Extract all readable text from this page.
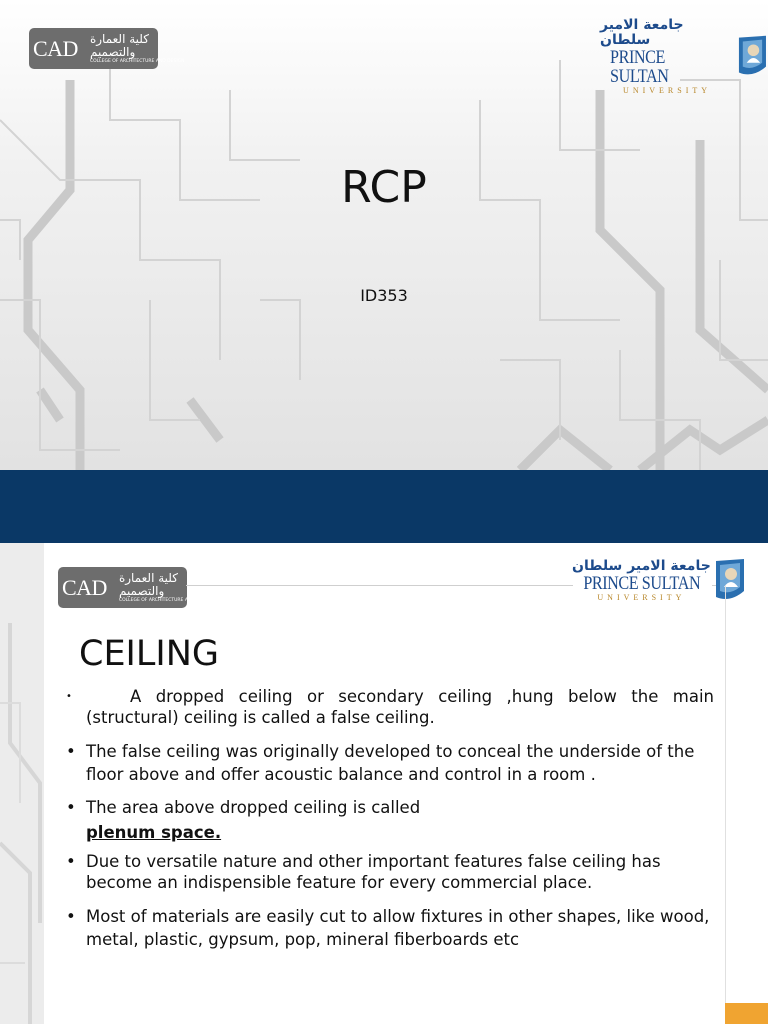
CAD	كلية العمارة والتصميم
COLLEGE OF ARCHITECTURE AND DESIGN
جامعة الامير سلطان
PRINCE SULTAN
UNIVERSITY
RCP

ID353

CAD	كلية العمارة والتصميم
COLLEGE OF ARCHITECTURE AND DESIGN
جامعة الامير سلطان
PRINCE SULTAN
UNIVERSITY
CEILING
•	A dropped ceiling or secondary ceiling ,hung below the main (structural) ceiling is called a false ceiling.
• The false ceiling was originally developed to conceal the underside of the floor above and offer acoustic balance and control in a room .
• The area above dropped ceiling is called
plenum space.
• Due to versatile nature and other important features false ceiling has become an indispensible feature for every commercial place.
• Most of materials are easily cut to allow fixtures in other shapes, like wood, metal, plastic, gypsum, pop, mineral fiberboards etc
